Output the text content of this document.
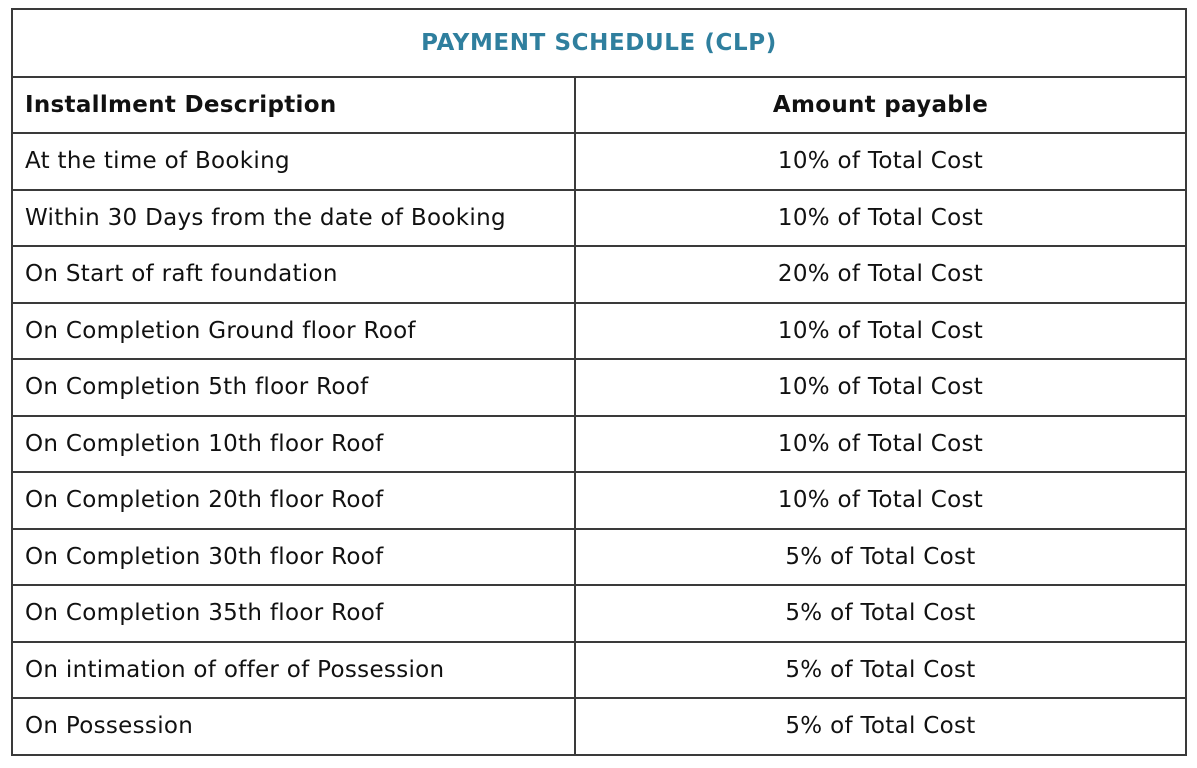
PAYMENT SCHEDULE (CLP)	
Installment Description	Amount payable
At the time of Booking	10% of Total Cost
Within 30 Days from the date of Booking	10% of Total Cost
On Start of raft foundation	20% of Total Cost
On Completion Ground floor Roof	10% of Total Cost
On Completion 5th floor Roof	10% of Total Cost
On Completion 10th floor Roof	10% of Total Cost
On Completion 20th floor Roof	10% of Total Cost
On Completion 30th floor Roof	5% of Total Cost
On Completion 35th floor Roof	5% of Total Cost
On intimation of offer of Possession	5% of Total Cost
On Possession	5% of Total Cost
